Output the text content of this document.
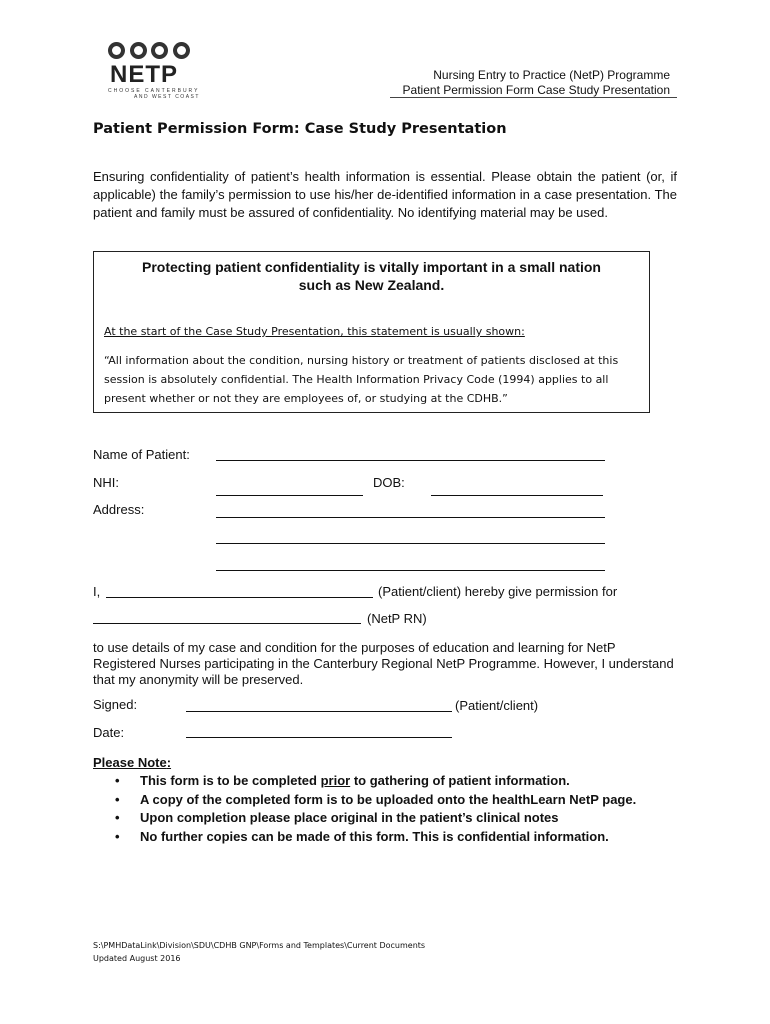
NETP
CHOOSE CANTERBURY
AND WEST COAST
Nursing Entry to Practice (NetP) Programme
Patient Permission Form Case Study Presentation
Patient Permission Form: Case Study Presentation
Ensuring confidentiality of patient’s health information is essential. Please obtain the patient (or, if applicable) the family’s permission to use his/her de-identified information in a case presentation. The patient and family must be assured of confidentiality. No identifying material may be used.
Protecting patient confidentiality is vitally important in a small nation
such as New Zealand.
At the start of the Case Study Presentation, this statement is usually shown:
“All information about the condition, nursing history or treatment of patients disclosed at this session is absolutely confidential. The Health Information Privacy Code (1994) applies to all present whether or not they are employees of, or studying at the CDHB.”
Name of Patient:
NHI:	DOB:
Address:
I,	(Patient/client) hereby give permission for
(NetP RN)
to use details of my case and condition for the purposes of education and learning for NetP Registered Nurses participating in the Canterbury Regional NetP Programme. However, I understand that my anonymity will be preserved.
Signed:	(Patient/client)
Date:
Please Note:
• This form is to be completed prior to gathering of patient information.
• A copy of the completed form is to be uploaded onto the healthLearn NetP page.
• Upon completion please place original in the patient’s clinical notes
• No further copies can be made of this form. This is confidential information.
S:\PMHDataLink\Division\SDU\CDHB GNP\Forms and Templates\Current Documents
Updated August 2016
